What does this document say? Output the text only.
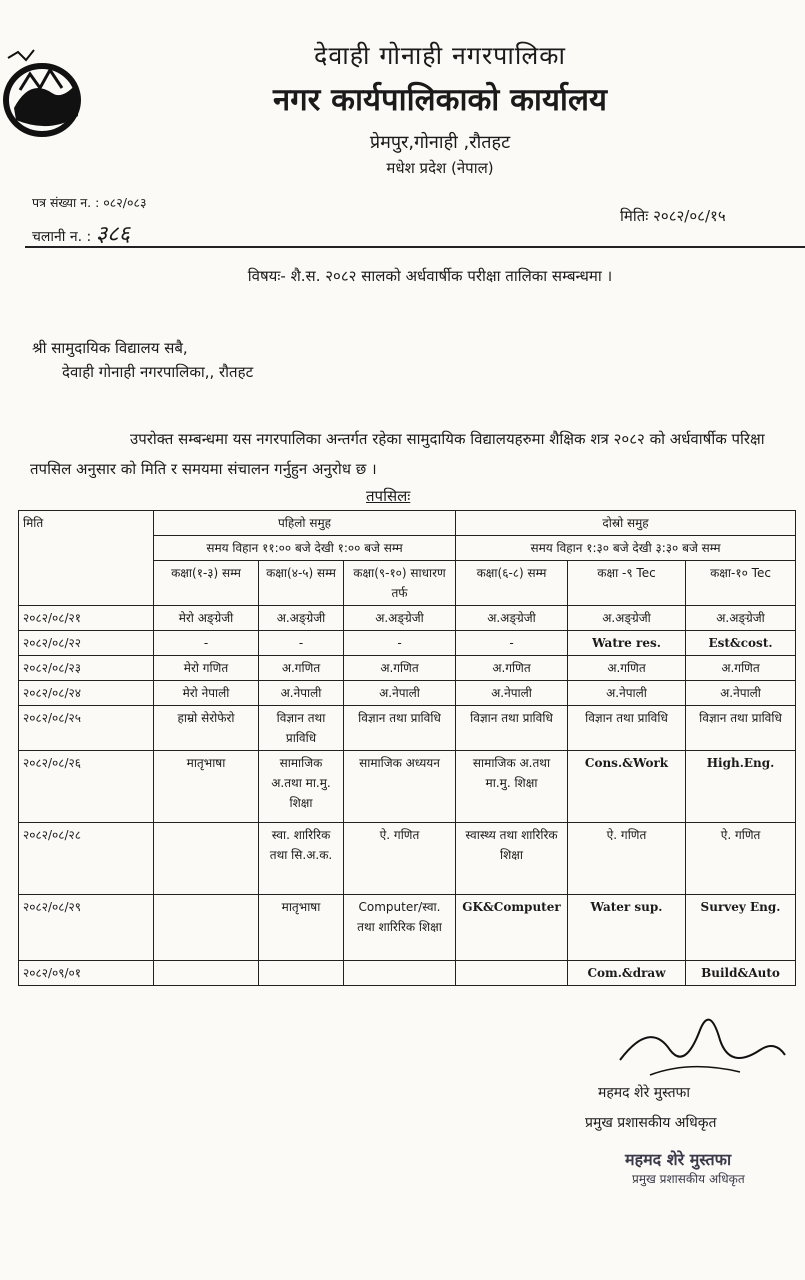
देवाही गोनाही नगरपालिका
नगर कार्यपालिकाको कार्यालय
प्रेमपुर,गोनाही ,रौतहट
मधेश प्रदेश (नेपाल)
पत्र संख्या न. : ०८२/०८३
चलानी न. : ३८६
मितिः २०८२/०८/१५
विषयः- शै.स. २०८२ सालको अर्धवार्षीक परीक्षा तालिका सम्बन्धमा ।
श्री सामुदायिक विद्यालय सबै,
देवाही गोनाही नगरपालिका,, रौतहट
उपरोक्त सम्बन्धमा यस नगरपालिका अन्तर्गत रहेका सामुदायिक विद्यालयहरुमा शैक्षिक शत्र २०८२ को अर्धवार्षीक परिक्षा तपसिल अनुसार को मिति र समयमा संचालन गर्नुहुन अनुरोध छ ।
तपसिलः
मिति	पहिलो समुह			दोस्रो समुह		
	समय विहान ११:०० बजे देखी १:०० बजे सम्म			समय विहान १:३० बजे देखी ३:३० बजे सम्म		
	कक्षा(१-३) सम्म	कक्षा(४-५) सम्म	कक्षा(९-१०) साधारण तर्फ	कक्षा(६-८) सम्म	कक्षा -९ Tec	कक्षा-१० Tec
२०८२/०८/२१	मेरो अङ्ग्रेजी	अ.अङ्ग्रेजी	अ.अङ्ग्रेजी	अ.अङ्ग्रेजी	अ.अङ्ग्रेजी	अ.अङ्ग्रेजी
२०८२/०८/२२	-	-	-	-	Watre res.	Est&cost.
२०८२/०८/२३	मेरो गणित	अ.गणित	अ.गणित	अ.गणित	अ.गणित	अ.गणित
२०८२/०८/२४	मेरो नेपाली	अ.नेपाली	अ.नेपाली	अ.नेपाली	अ.नेपाली	अ.नेपाली
२०८२/०८/२५	हाम्रो सेरोफेरो	विज्ञान तथा प्राविधि	विज्ञान तथा प्राविधि	विज्ञान तथा प्राविधि	विज्ञान तथा प्राविधि	विज्ञान तथा प्राविधि
२०८२/०८/२६	मातृभाषा	सामाजिक अ.तथा मा.मु. शिक्षा	सामाजिक अध्ययन	सामाजिक अ.तथा मा.मु. शिक्षा	Cons.&Work	High.Eng.
२०८२/०८/२८		स्वा. शारिरिक तथा सि.अ.क.	ऐ. गणित	स्वास्थ्य तथा शारिरिक शिक्षा	ऐ. गणित	ऐ. गणित
२०८२/०८/२९		मातृभाषा	Computer/स्वा. तथा शारिरिक शिक्षा	GK&Computer	Water sup.	Survey Eng.
२०८२/०९/०१					Com.&draw	Build&Auto
महमद शेरे मुस्तफा
प्रमुख प्रशासकीय अधिकृत
महमद शेरे मुस्तफा
प्रमुख प्रशासकीय अधिकृत
